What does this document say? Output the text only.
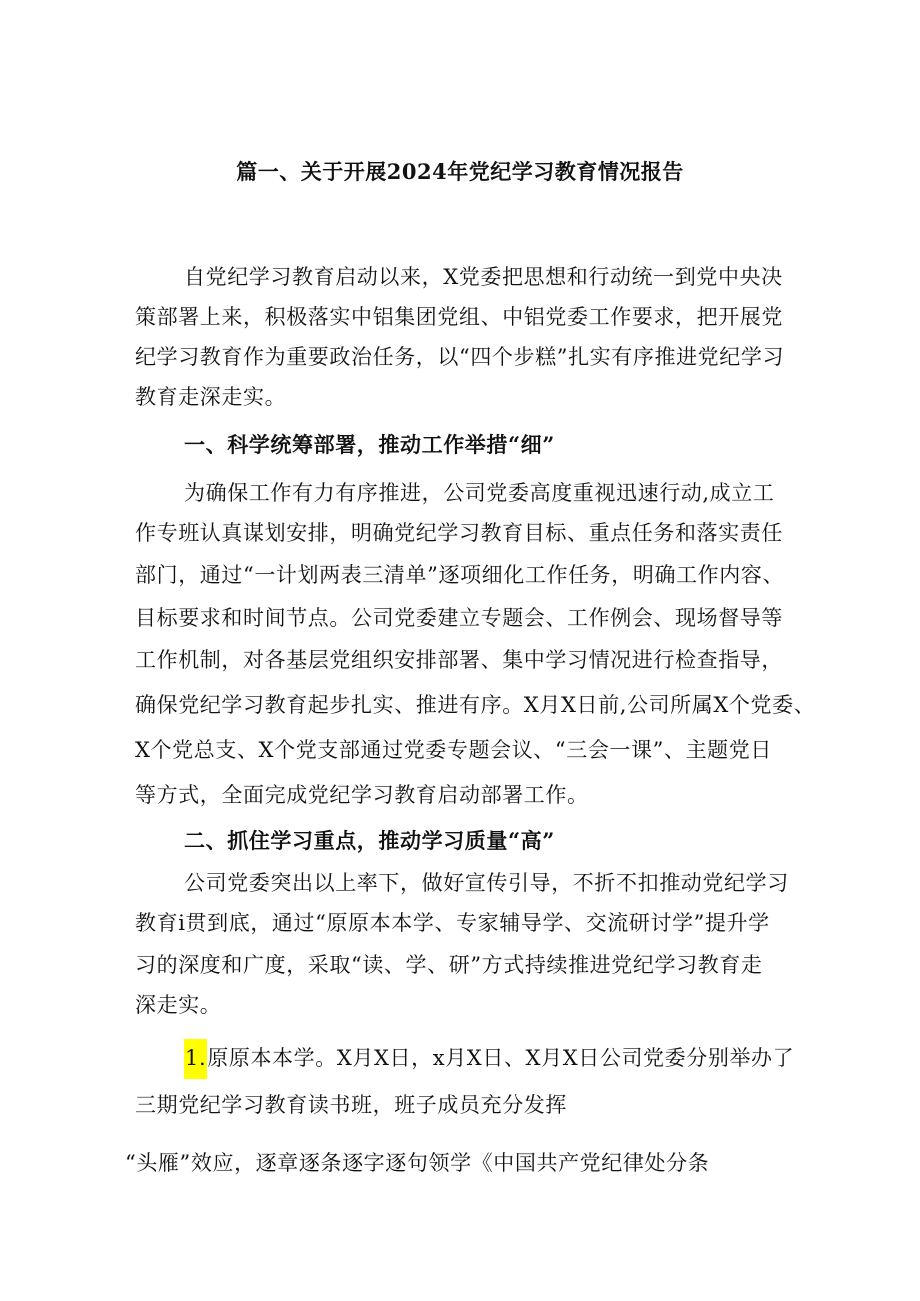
篇一、关于开展2024年党纪学习教育情况报告
自党纪学习教育启动以来，X党委把思想和行动统一到党中央决
策部署上来，积极落实中铝集团党组、中铝党委工作要求，把开展党
纪学习教育作为重要政治任务，以“四个步糕”扎实有序推进党纪学习
教育走深走实。
一、科学统筹部署，推动工作举措“细”
为确保工作有力有序推进，公司党委高度重视迅速行动,成立工
作专班认真谋划安排，明确党纪学习教育目标、重点任务和落实责任
部门，通过“一计划两表三清单”逐项细化工作任务，明确工作内容、
目标要求和时间节点。公司党委建立专题会、工作例会、现场督导等
工作机制，对各基层党组织安排部署、集中学习情况进行检查指导，
确保党纪学习教育起步扎实、推进有序。X月X日前,公司所属X个党委、
X个党总支、X个党支部通过党委专题会议、“三会一课”、主题党日
等方式，全面完成党纪学习教育启动部署工作。
二、抓住学习重点，推动学习质量“高”
公司党委突出以上率下，做好宣传引导，不折不扣推动党纪学习
教育i贯到底，通过“原原本本学、专家辅导学、交流研讨学”提升学
习的深度和广度，采取“读、学、研”方式持续推进党纪学习教育走
深走实。
1.原原本本学。X月X日，x月X日、X月X日公司党委分别举办了
三期党纪学习教育读书班，班子成员充分发挥
“头雁”效应，逐章逐条逐字逐句领学《中国共产党纪律处分条
